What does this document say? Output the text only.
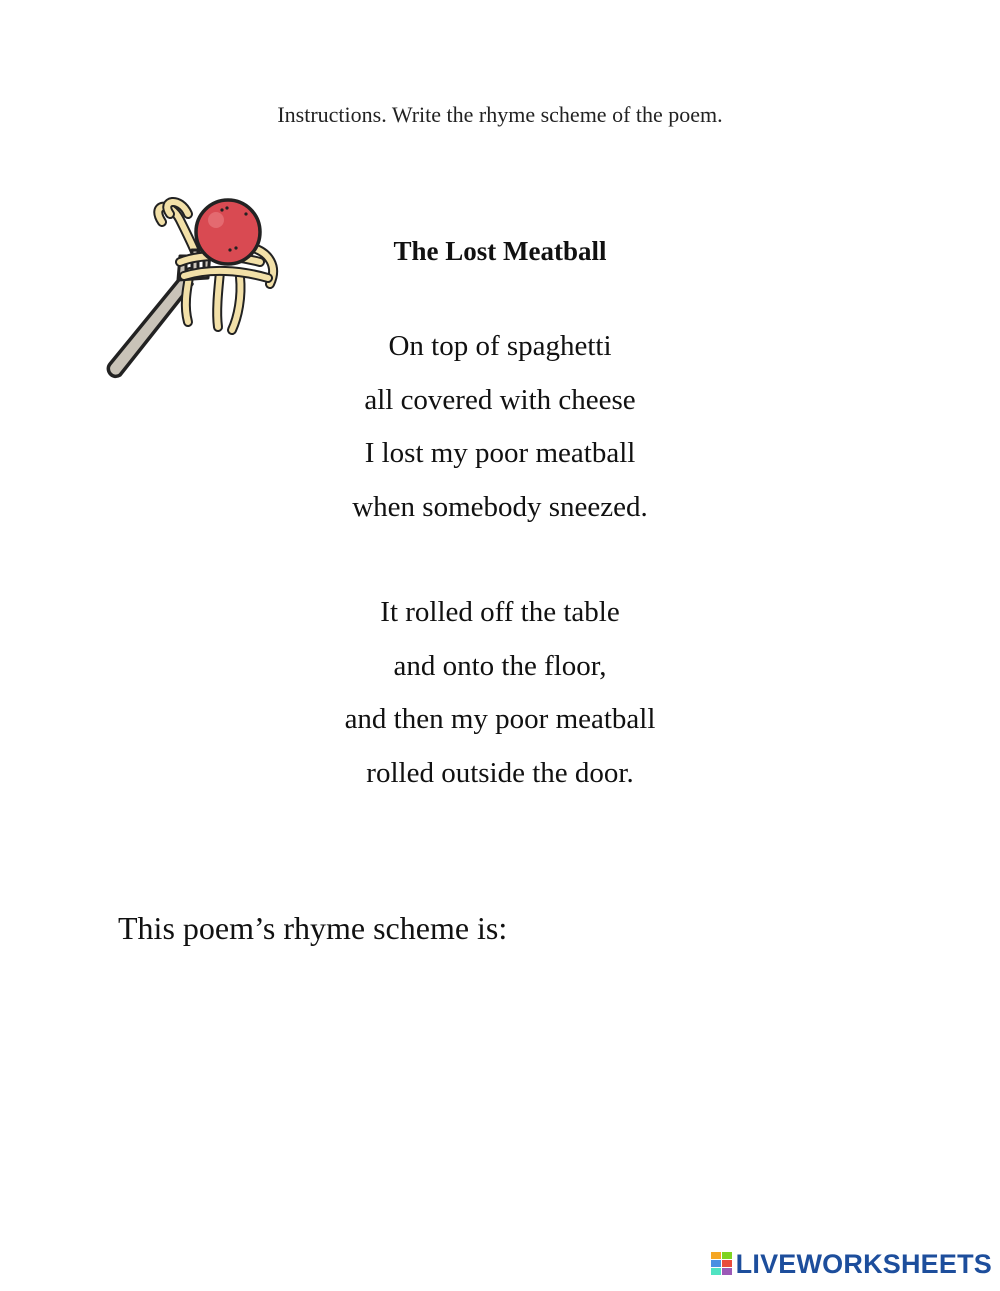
Instructions. Write the rhyme scheme of the poem.
The Lost Meatball
On top of spaghetti
all covered with cheese
I lost my poor meatball
when somebody sneezed.
It rolled off the table
and onto the floor,
and then my poor meatball
rolled outside the door.
This poem’s rhyme scheme is:
LIVEWORKSHEETS
